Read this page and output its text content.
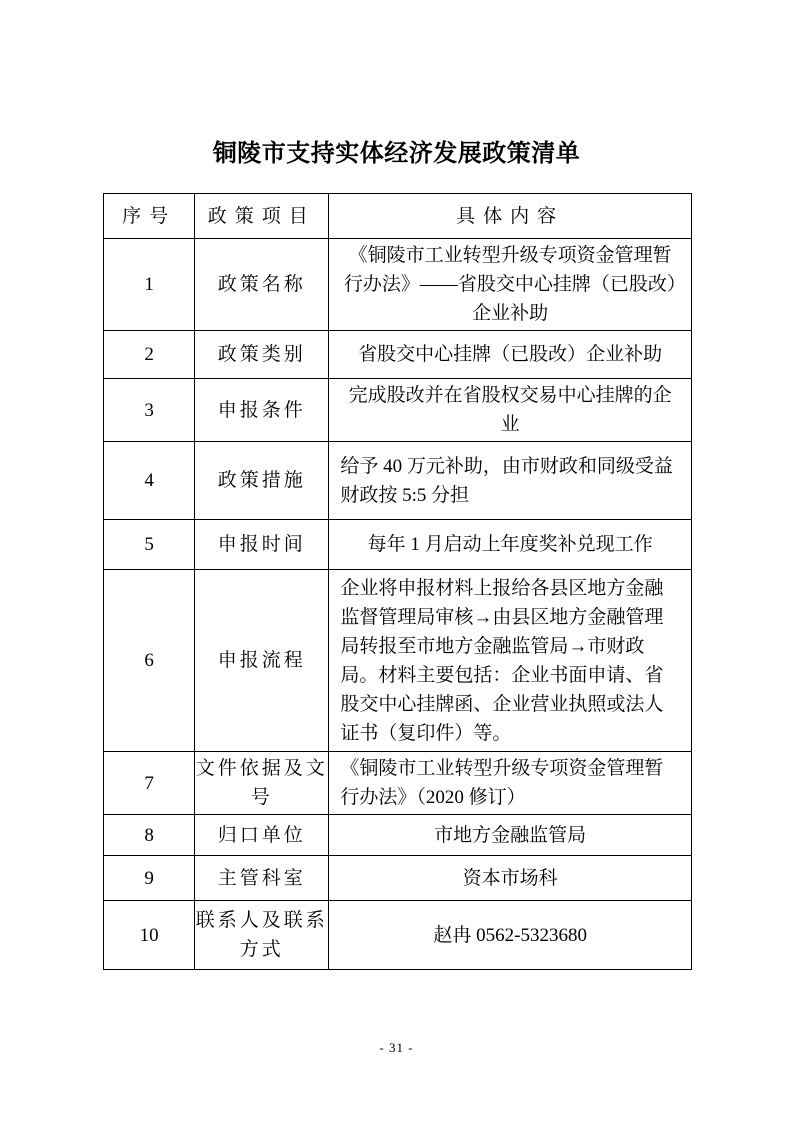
铜陵市支持实体经济发展政策清单
序号	政策项目	具体内容
1	政策名称	《铜陵市工业转型升级专项资金管理暂行办法》——省股交中心挂牌（已股改）企业补助
2	政策类别	省股交中心挂牌（已股改）企业补助
3	申报条件	完成股改并在省股权交易中心挂牌的企业
4	政策措施	给予 40 万元补助，由市财政和同级受益财政按 5:5 分担
5	申报时间	每年 1 月启动上年度奖补兑现工作
6	申报流程	企业将申报材料上报给各县区地方金融监督管理局审核→由县区地方金融管理局转报至市地方金融监管局→市财政局。材料主要包括：企业书面申请、省股交中心挂牌函、企业营业执照或法人证书（复印件）等。
7	文件依据及文号	《铜陵市工业转型升级专项资金管理暂行办法》（2020 修订）
8	归口单位	市地方金融监管局
9	主管科室	资本市场科
10	联系人及联系方式	赵冉 0562-5323680
- 31 -
